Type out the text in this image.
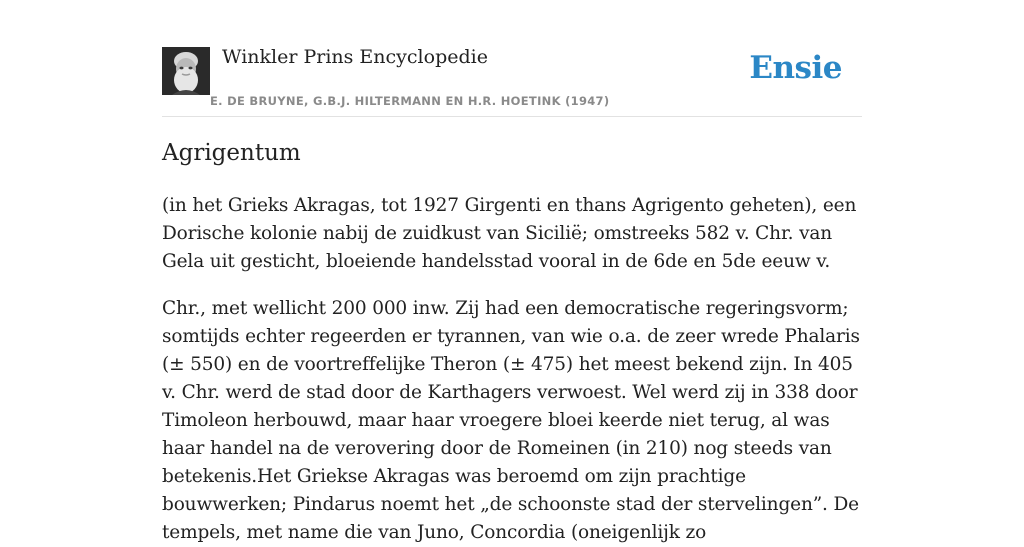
Winkler Prins Encyclopedie	Ensie
E. DE BRUYNE, G.B.J. HILTERMANN EN H.R. HOETINK (1947)
Agrigentum

(in het Grieks Akragas, tot 1927 Girgenti en thans Agrigento geheten), een Dorische kolonie nabij de zuidkust van Sicilië; omstreeks 582 v. Chr. van Gela uit gesticht, bloeiende handelsstad vooral in de 6de en 5de eeuw v.

Chr., met wellicht 200 000 inw. Zij had een democratische regeringsvorm; somtijds echter regeerden er tyrannen, van wie o.a. de zeer wrede Phalaris (± 550) en de voortreffelijke Theron (± 475) het meest bekend zijn. In 405 v. Chr. werd de stad door de Karthagers verwoest. Wel werd zij in 338 door Timoleon herbouwd, maar haar vroegere bloei keerde niet terug, al was haar handel na de verovering door de Romeinen (in 210) nog steeds van betekenis.Het Griekse Akragas was beroemd om zijn prachtige bouwwerken; Pindarus noemt het „de schoonste stad der stervelingen”. De tempels, met name die van Juno, Concordia (oneigenlijk zo
